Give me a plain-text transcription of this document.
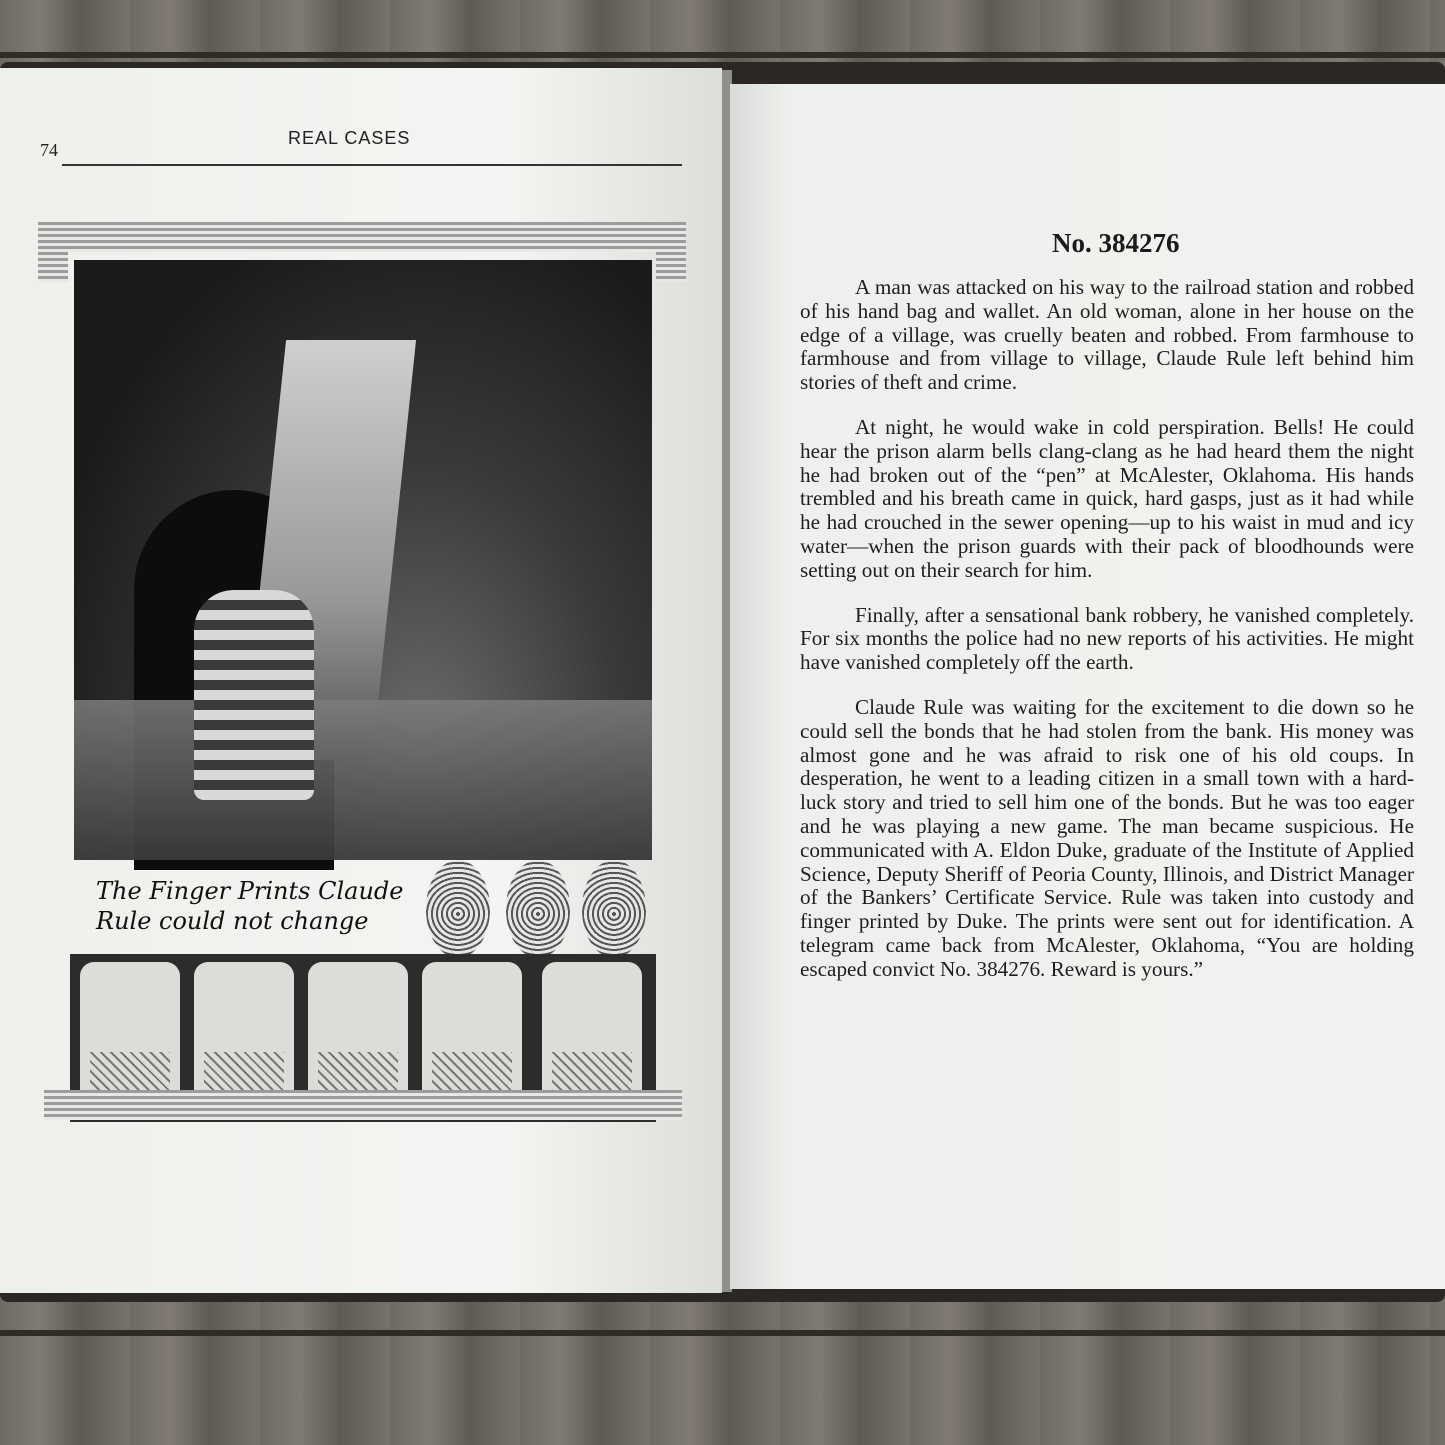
74
REAL CASES
The Finger Prints Claude Rule could not change
No. 384276

A man was attacked on his way to the railroad station and robbed of his hand bag and wallet. An old woman, alone in her house on the edge of a village, was cruelly beaten and robbed. From farmhouse to farmhouse and from village to village, Claude Rule left behind him stories of theft and crime.

At night, he would wake in cold perspiration. Bells! He could hear the prison alarm bells clang-clang as he had heard them the night he had broken out of the “pen” at McAlester, Oklahoma. His hands trembled and his breath came in quick, hard gasps, just as it had while he had crouched in the sewer opening—up to his waist in mud and icy water—when the prison guards with their pack of bloodhounds were setting out on their search for him.

Finally, after a sensational bank robbery, he vanished completely. For six months the police had no new reports of his activities. He might have vanished completely off the earth.

Claude Rule was waiting for the excitement to die down so he could sell the bonds that he had stolen from the bank. His money was almost gone and he was afraid to risk one of his old coups. In desperation, he went to a leading citizen in a small town with a hard-luck story and tried to sell him one of the bonds. But he was too eager and he was playing a new game. The man became suspicious. He communicated with A. Eldon Duke, graduate of the Institute of Applied Science, Deputy Sheriff of Peoria County, Illinois, and District Manager of the Bankers’ Certificate Service. Rule was taken into custody and finger printed by Duke. The prints were sent out for identification. A telegram came back from McAlester, Oklahoma, “You are holding escaped convict No. 384276. Reward is yours.”
